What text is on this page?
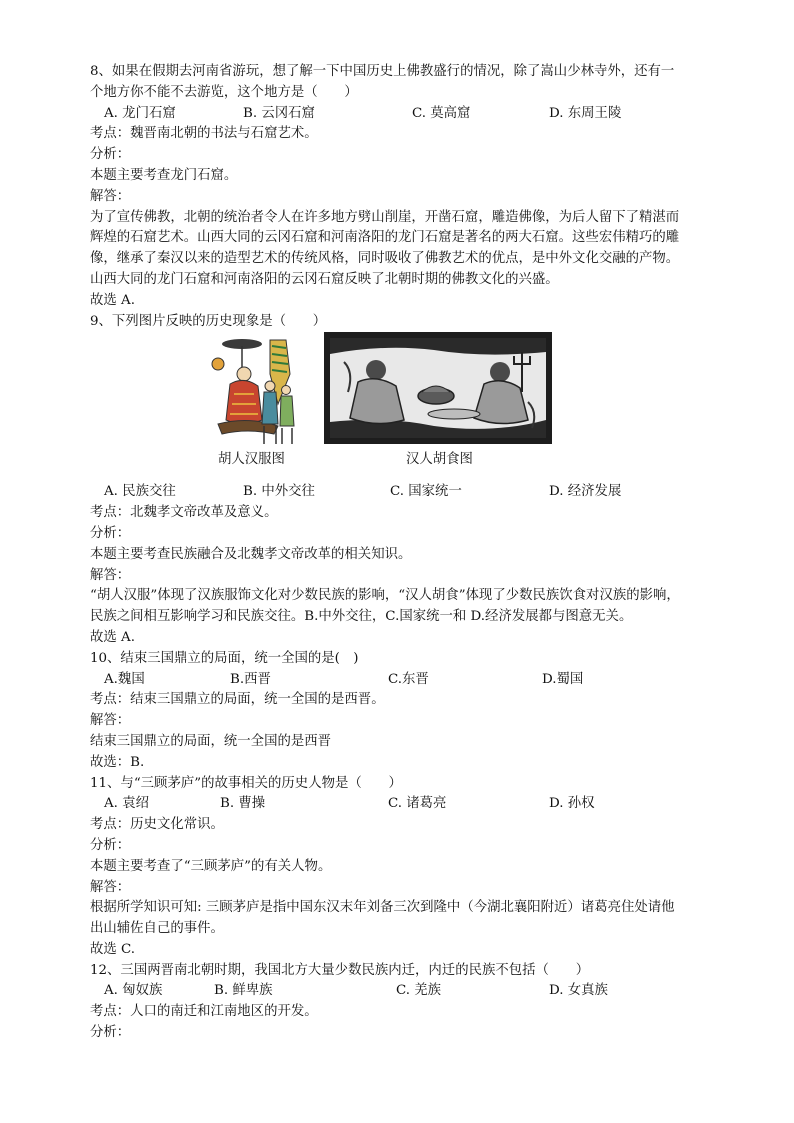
8、如果在假期去河南省游玩，想了解一下中国历史上佛教盛行的情况，除了嵩山少林寺外，还有一
个地方你不能不去游览，这个地方是（　　）
A. 龙门石窟	B. 云冈石窟	C. 莫高窟	D. 东周王陵
考点：魏晋南北朝的书法与石窟艺术。
分析：
本题主要考查龙门石窟。
解答：
为了宣传佛教，北朝的统治者令人在许多地方劈山削崖，开凿石窟，雕造佛像，为后人留下了精湛而
辉煌的石窟艺术。山西大同的云冈石窟和河南洛阳的龙门石窟是著名的两大石窟。这些宏伟精巧的雕
像，继承了秦汉以来的造型艺术的传统风格，同时吸收了佛教艺术的优点，是中外文化交融的产物。
山西大同的龙门石窟和河南洛阳的云冈石窟反映了北朝时期的佛教文化的兴盛。
故选 A.
9、下列图片反映的历史现象是（　　）
胡人汉服图	汉人胡食图
A. 民族交往	B. 中外交往	C. 国家统一	D. 经济发展
考点：北魏孝文帝改革及意义。
分析：
本题主要考查民族融合及北魏孝文帝改革的相关知识。
解答：
“胡人汉服”体现了汉族服饰文化对少数民族的影响，“汉人胡食”体现了少数民族饮食对汉族的影响，
民族之间相互影响学习和民族交往。B.中外交往，C.国家统一和 D.经济发展都与图意无关。
故选 A.
10、结束三国鼎立的局面，统一全国的是(　)
A.魏国	B.西晋	C.东晋	D.蜀国
考点：结束三国鼎立的局面，统一全国的是西晋。
解答：
结束三国鼎立的局面，统一全国的是西晋
故选：B.
11、与“三顾茅庐”的故事相关的历史人物是（　　）
A. 袁绍	B. 曹操	C. 诸葛亮	D. 孙权
考点：历史文化常识。
分析：
本题主要考查了“三顾茅庐”的有关人物。
解答：
根据所学知识可知: 三顾茅庐是指中国东汉末年刘备三次到隆中（今湖北襄阳附近）诸葛亮住处请他
出山辅佐自己的事件。
故选 C.
12、三国两晋南北朝时期，我国北方大量少数民族内迁，内迁的民族不包括（　　）
A. 匈奴族	B. 鲜卑族	C. 羌族	D. 女真族
考点：人口的南迁和江南地区的开发。
分析：
